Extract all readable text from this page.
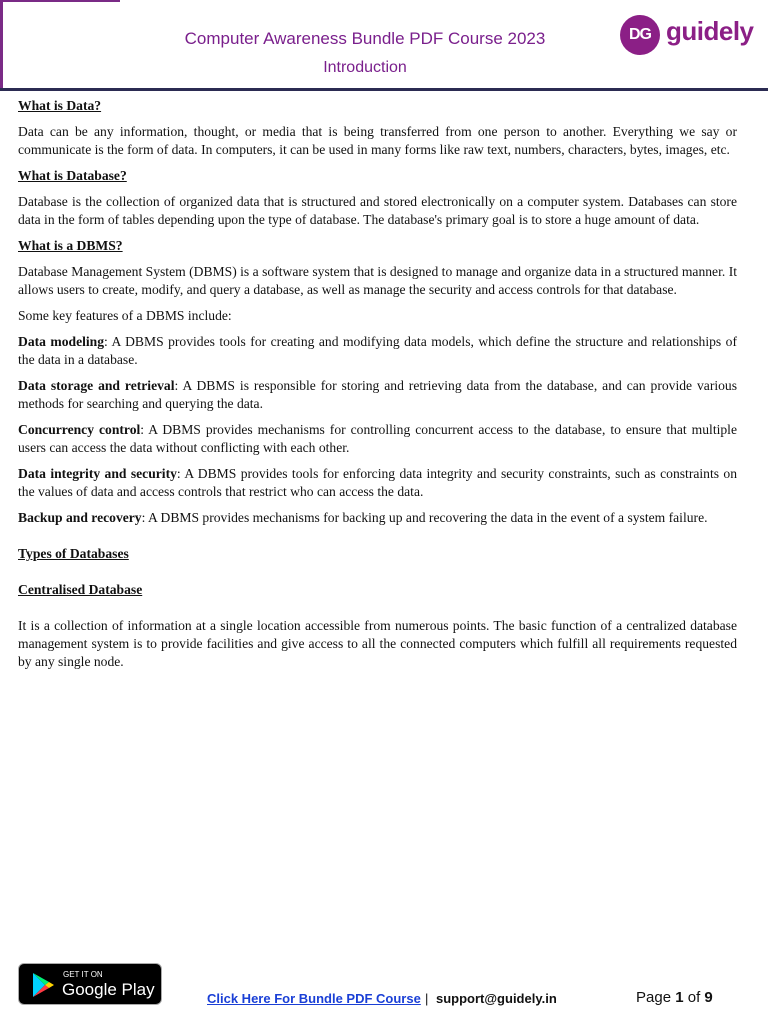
Computer Awareness Bundle PDF Course 2023
Introduction
DG guidely
What is Data?

Data can be any information, thought, or media that is being transferred from one person to another. Everything we say or communicate is the form of data. In computers, it can be used in many forms like raw text, numbers, characters, bytes, images, etc.

What is Database?

Database is the collection of organized data that is structured and stored electronically on a computer system. Databases can store data in the form of tables depending upon the type of database. The database's primary goal is to store a huge amount of data.

What is a DBMS?

Database Management System (DBMS) is a software system that is designed to manage and organize data in a structured manner. It allows users to create, modify, and query a database, as well as manage the security and access controls for that database.

Some key features of a DBMS include:

Data modeling: A DBMS provides tools for creating and modifying data models, which define the structure and relationships of the data in a database.

Data storage and retrieval: A DBMS is responsible for storing and retrieving data from the database, and can provide various methods for searching and querying the data.

Concurrency control: A DBMS provides mechanisms for controlling concurrent access to the database, to ensure that multiple users can access the data without conflicting with each other.

Data integrity and security: A DBMS provides tools for enforcing data integrity and security constraints, such as constraints on the values of data and access controls that restrict who can access the data.

Backup and recovery: A DBMS provides mechanisms for backing up and recovering the data in the event of a system failure.

Types of Databases
Centralised Database

It is a collection of information at a single location accessible from numerous points. The basic function of a centralized database management system is to provide facilities and give access to all the connected computers which fulfill all requirements requested by any single node.

GET IT ON
Google Play	Click Here For Bundle PDF Course | support@guidely.in	Page 1 of 9
